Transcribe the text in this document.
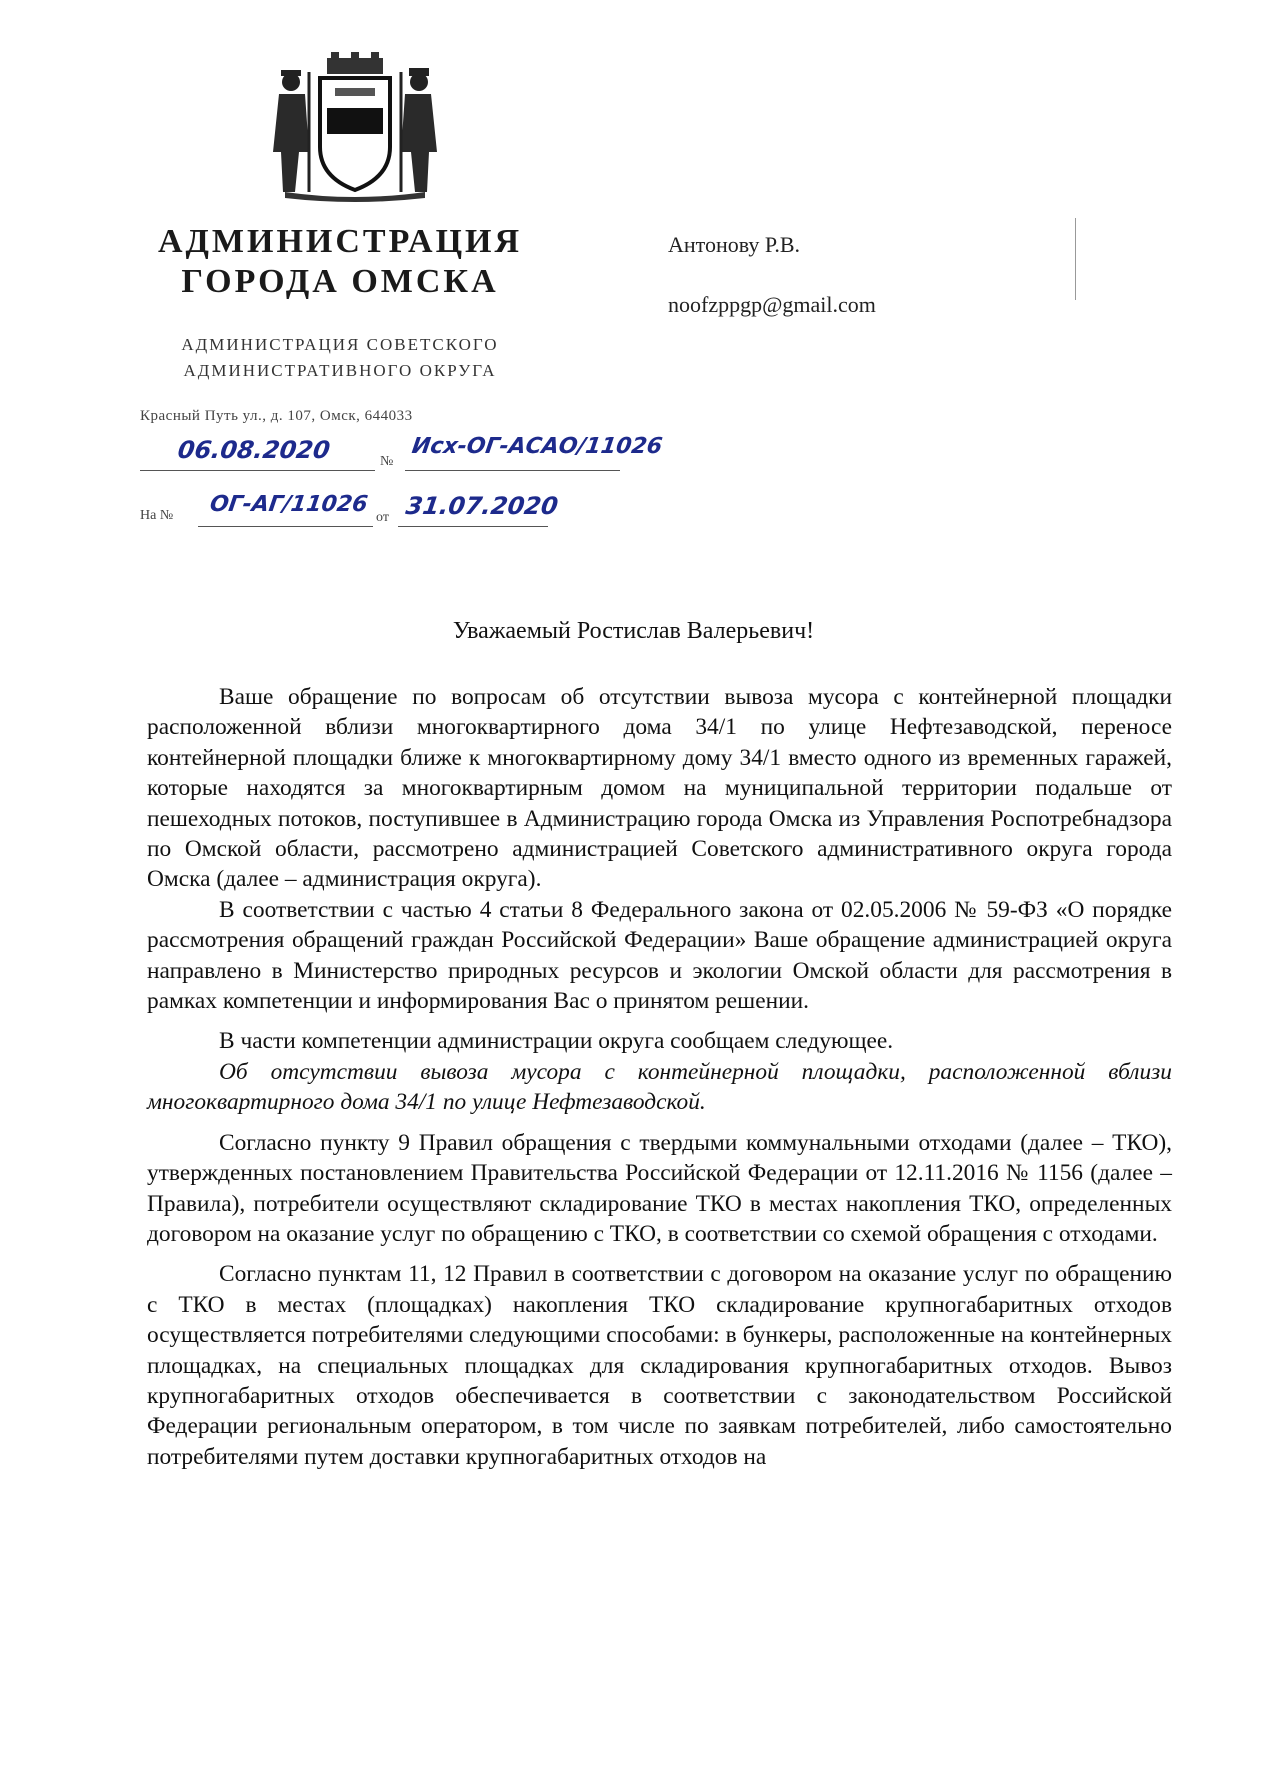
АДМИНИСТРАЦИЯ
ГОРОДА ОМСКА
АДМИНИСТРАЦИЯ СОВЕТСКОГО
АДМИНИСТРАТИВНОГО ОКРУГА
Красный Путь ул., д. 107, Омск, 644033
06.08.2020	№
Исх-ОГ-АСАО/11026
На № ОГ-АГ/11026
от 31.07.2020
Антонову Р.В.
noofzppgp@gmail.com
Уважаемый Ростислав Валерьевич!

Ваше обращение по вопросам об отсутствии вывоза мусора с контейнерной площадки расположенной вблизи многоквартирного дома 34/1 по улице Нефтезаводской, переносе контейнерной площадки ближе к многоквартирному дому 34/1 вместо одного из временных гаражей, которые находятся за многоквартирным домом на муниципальной территории подальше от пешеходных потоков, поступившее в Администрацию города Омска из Управления Роспотребнадзора по Омской области, рассмотрено администрацией Советского административного округа города Омска (далее – администрация округа).

В соответствии с частью 4 статьи 8 Федерального закона от 02.05.2006 № 59-ФЗ «О порядке рассмотрения обращений граждан Российской Федерации» Ваше обращение администрацией округа направлено в Министерство природных ресурсов и экологии Омской области для рассмотрения в рамках компетенции и информирования Вас о принятом решении.

В части компетенции администрации округа сообщаем следующее.

Об отсутствии вывоза мусора с контейнерной площадки, расположенной вблизи многоквартирного дома 34/1 по улице Нефтезаводской.

Согласно пункту 9 Правил обращения с твердыми коммунальными отходами (далее – ТКО), утвержденных постановлением Правительства Российской Федерации от 12.11.2016 № 1156 (далее – Правила), потребители осуществляют складирование ТКО в местах накопления ТКО, определенных договором на оказание услуг по обращению с ТКО, в соответствии со схемой обращения с отходами.

Согласно пунктам 11, 12 Правил в соответствии с договором на оказание услуг по обращению с ТКО в местах (площадках) накопления ТКО складирование крупногабаритных отходов осуществляется потребителями следующими способами: в бункеры, расположенные на контейнерных площадках, на специальных площадках для складирования крупногабаритных отходов. Вывоз крупногабаритных отходов обеспечивается в соответствии с законодательством Российской Федерации региональным оператором, в том числе по заявкам потребителей, либо самостоятельно потребителями путем доставки крупногабаритных отходов на
